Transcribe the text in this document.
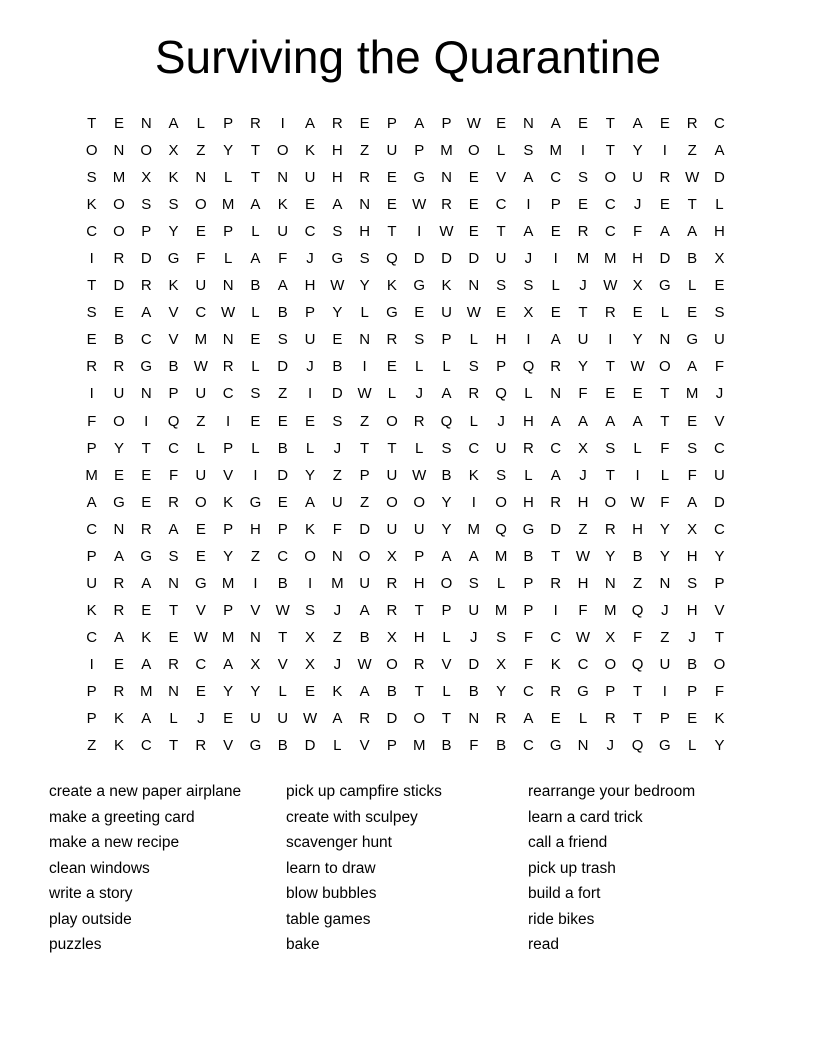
Surviving the Quarantine
T	E	N	A	L	P	R	I	A	R	E	P	A	P	W	E	N	A	E	T	A	E	R	C
O	N	O	X	Z	Y	T	O	K	H	Z	U	P	M	O	L	S	M	I	T	Y	I	Z	A
S	M	X	K	N	L	T	N	U	H	R	E	G	N	E	V	A	C	S	O	U	R W D
K	O	S	S	O	M	A	K	E	A	N	E	W R	E	C	I	P	E	C	J	E	T	L
C	O	P	Y	E	P	L	U	C	S	H	T	I	W	E	T	A	E	R	C	F	A	A	H
I	R	D	G	F	L	A	F	J	G	S	Q	D	D	D	U	J	I	M M	H	D	B	X
T	D	R	K	U	N	B	A	H W	Y	K	G	K	N	S	S	L	J	W	X	G	L	E
S	E	A	V	C W	L	B	P	Y	L	G	E	U W	E	X	E	T	R	E	L	E	S
E	B	C	V	M	N	E	S	U	E	N	R	S	P	L	H	I	A	U	I	Y	N	G	U
R	R	G	B	W R	L	D	J	B	I	E	L	L	S	P	Q	R	Y	T	W O	A	F
I	U	N	P	U	C	S	Z	I	D W	L	J	A	R	Q	L	N	F	E	E	T	M	J
F	O	I	Q	Z	I	E	E	E	S	Z	O	R	Q	L	J	H	A	A	A	A	T	E	V
P	Y	T	C	L	P	L	B	L	J	T	T	L	S	C	U	R	C	X	S	L	F	S	C
M	E	E	F	U	V	I	D	Y	Z	P	U W	B	K	S	L	A	J	T	I	L	F	U
A	G	E	R	O	K	G	E	A	U	Z	O	O	Y	I	O	H	R	H	O W	F	A	D
C	N	R	A	E	P	H	P	K	F	D	U	U	Y	M	Q	G	D	Z	R	H	Y	X	C
P	A	G	S	E	Y	Z	C	O	N	O	X	P	A	A	M	B	T	W	Y	B	Y	H	Y
U	R	A	N	G	M	I	B	I	M	U	R	H	O	S	L	P	R	H	N	Z	N	S	P
K	R	E	T	V	P	V	W	S	J	A	R	T	P	U	M	P	I	F	M	Q	J	H	V
C	A	K	E	W M	N	T	X	Z	B	X	H	L	J	S	F	C W	X	F	Z	J	T
I	E	A	R	C	A	X	V	X	J	W O	R	V	D	X	F	K	C	O	Q	U	B	O
P	R	M	N	E	Y	Y	L	E	K	A	B	T	L	B	Y	C	R	G	P	T	I	P	F
P	K	A	L	J	E	U	U W	A	R	D	O	T	N	R	A	E	L	R	T	P	E	K
Z	K	C	T	R	V	G	B	D	L	V	P	M	B	F	B	C	G	N	J	Q	G	L	Y
create a new paper airplane
make a greeting card
make a new recipe
clean windows
write a story
play outside
puzzles
pick up campfire sticks
create with sculpey
scavenger hunt
learn to draw
blow bubbles
table games
bake
rearrange your bedroom
learn a card trick
call a friend
pick up trash
build a fort
ride bikes
read
